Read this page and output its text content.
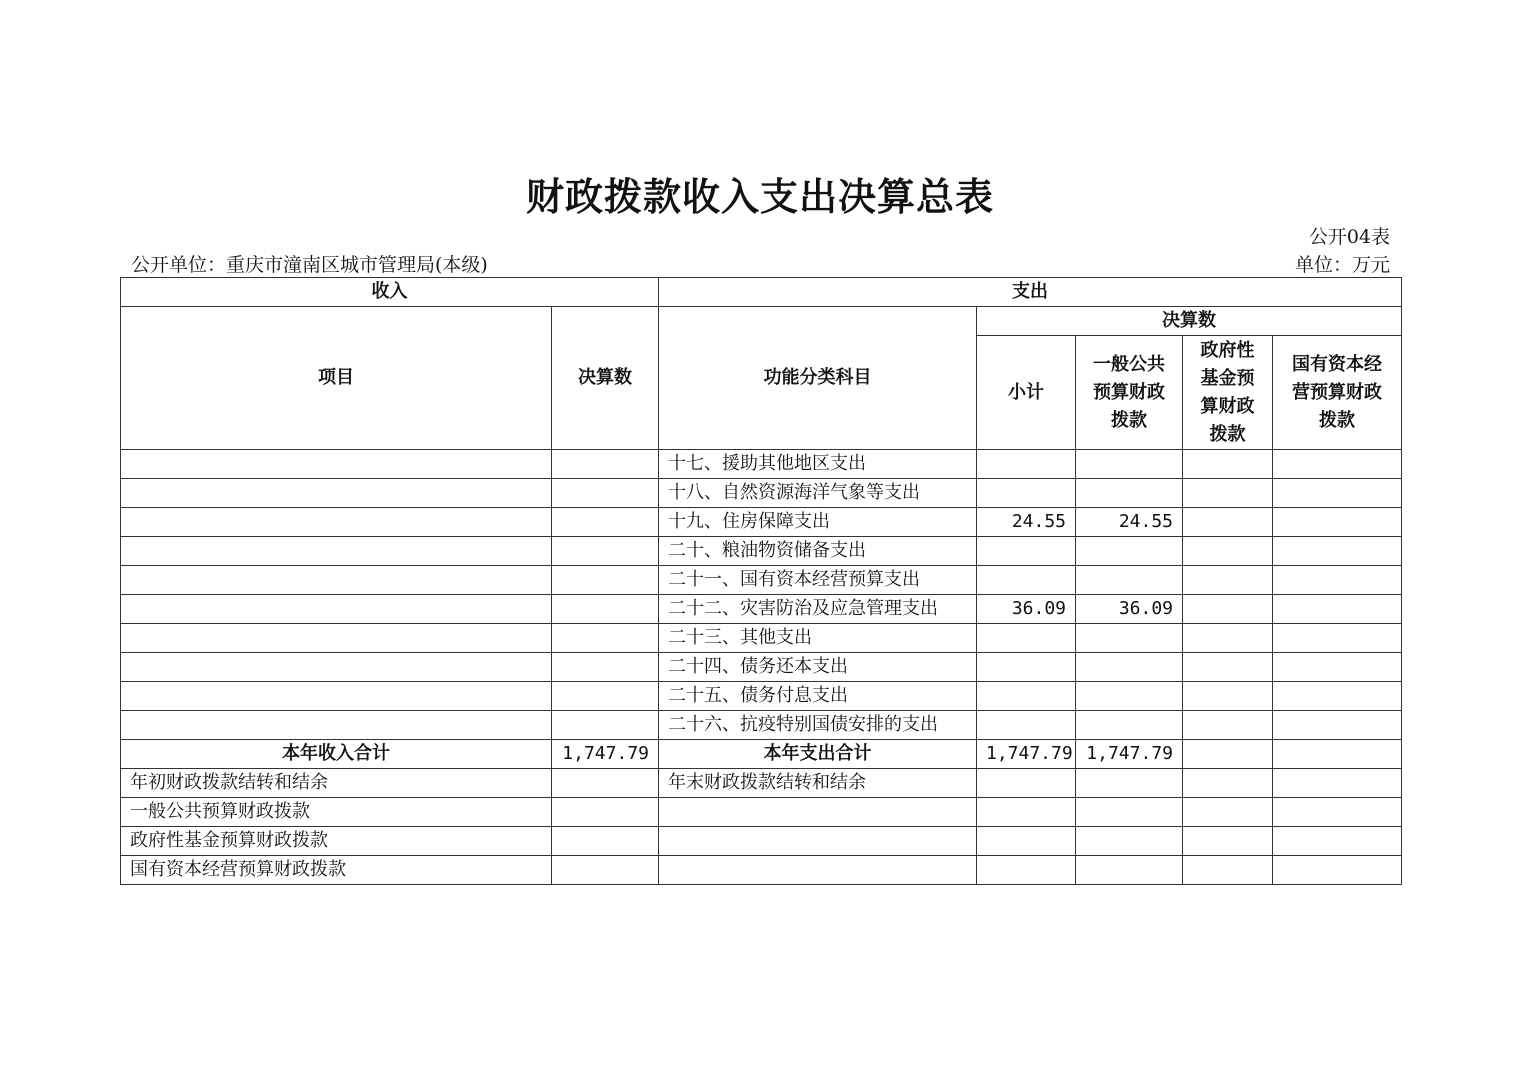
财政拨款收入支出决算总表
公开04表
公开单位：重庆市潼南区城市管理局(本级)	单位：万元
收入		支出				
项目	决算数	功能分类科目	决算数			
			小计	一般公共预算财政拨款	政府性基金预算财政拨款	国有资本经营预算财政拨款
		十七、援助其他地区支出				
		十八、自然资源海洋气象等支出				
		十九、住房保障支出	24.55	24.55		
		二十、粮油物资储备支出				
		二十一、国有资本经营预算支出				
		二十二、灾害防治及应急管理支出	36.09	36.09		
		二十三、其他支出				
		二十四、债务还本支出				
		二十五、债务付息支出				
		二十六、抗疫特别国债安排的支出				
本年收入合计	1,747.79	本年支出合计	1,747.79	1,747.79		
年初财政拨款结转和结余		年末财政拨款结转和结余				
一般公共预算财政拨款						
政府性基金预算财政拨款						
国有资本经营预算财政拨款						
